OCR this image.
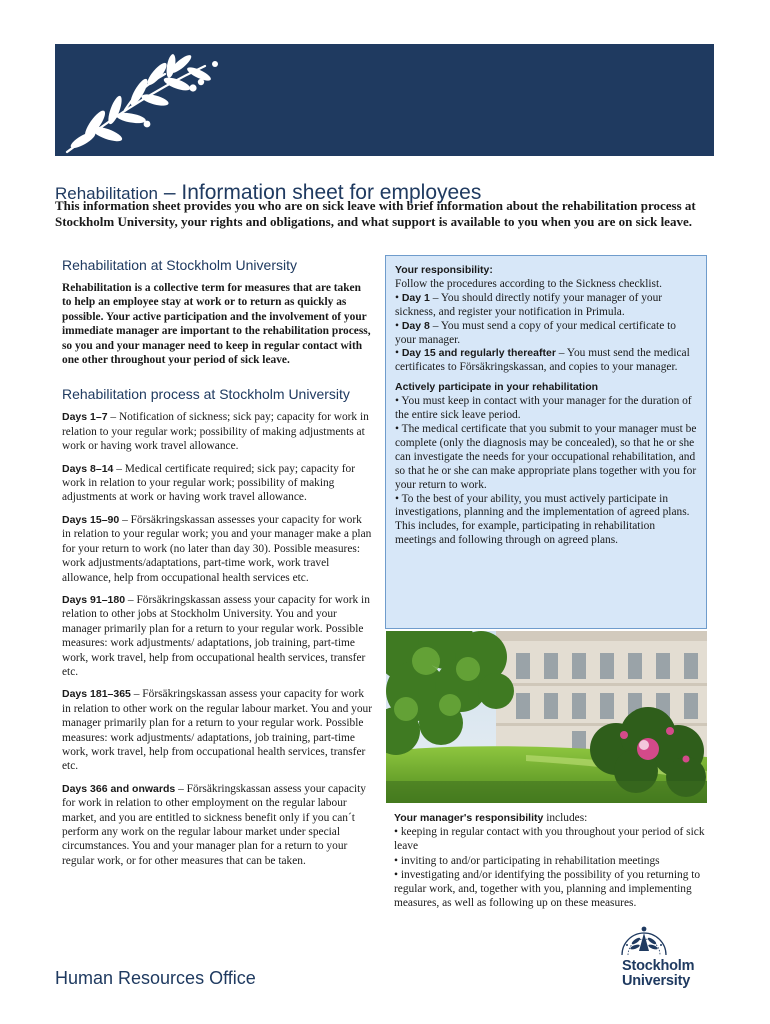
Rehabilitation – Information sheet for employees

This information sheet provides you who are on sick leave with brief information about the rehabilitation process at Stockholm University, your rights and obligations, and what support is available to you when you are on sick leave.

Rehabilitation at Stockholm University

Rehabilitation is a collective term for measures that are taken to help an employee stay at work or to return as quickly as possible. Your active participation and the involvement of your immediate manager are important to the rehabilitation process, so you and your manager need to keep in regular contact with one other throughout your period of sick leave.

Rehabilitation process at Stockholm University

Days 1–7 – Notification of sickness; sick pay; capacity for work in relation to your regular work; possibility of making adjustments at work or having work travel allowance.

Days 8–14 – Medical certificate required; sick pay; capacity for work in relation to your regular work; possibility of making adjustments at work or having work travel allowance.

Days 15–90 – Försäkringskassan assesses your capacity for work in relation to your regular work; you and your manager make a plan for your return to work (no later than day 30). Possible measures: work adjustments/adaptations, part-time work, work travel allowance, help from occupational health services etc.

Days 91–180 – Försäkringskassan assess your capacity for work in relation to other jobs at Stockholm University. You and your manager primarily plan for a return to your regular work. Possible measures: work adjustments/ adaptations, job training, part-time work, work travel, help from occupational health services, transfer etc.

Days 181–365 – Försäkringskassan assess your capacity for work in relation to other work on the regular labour market. You and your manager primarily plan for a return to your regular work. Possible measures: work adjustments/ adaptations, job training, part-time work, work travel, help from occupational health services, transfer etc.

Days 366 and onwards – Försäkringskassan assess your capacity for work in relation to other employment on the regular labour market, and you are entitled to sickness benefit only if you can´t perform any work on the regular labour market under special circumstances. You and your manager plan for a return to your regular work, or for other measures that can be taken.

Your responsibility:

Follow the procedures according to the Sickness checklist.

• Day 1 – You should directly notify your manager of your sickness, and register your notification in Primula.

• Day 8 – You must send a copy of your medical certificate to your manager.

• Day 15 and regularly thereafter – You must send the medical certificates to Försäkringskassan, and copies to your manager.

Actively participate in your rehabilitation

• You must keep in contact with your manager for the duration of the entire sick leave period.

• The medical certificate that you submit to your manager must be complete (only the diagnosis may be concealed), so that he or she can investigate the needs for your occupational rehabilitation, and so that he or she can make appropriate plans together with you for your return to work.

• To the best of your ability, you must actively participate in investigations, planning and the implementation of agreed plans. This includes, for example, participating in rehabilitation meetings and following through on agreed plans.

Your manager's responsibility includes:

• keeping in regular contact with you throughout your period of sick leave

• inviting to and/or participating in rehabilitation meetings

• investigating and/or identifying the possibility of you returning to regular work, and, together with you, planning and implementing measures, as well as following up on these measures.

Human Resources Office

Stockholm
University
